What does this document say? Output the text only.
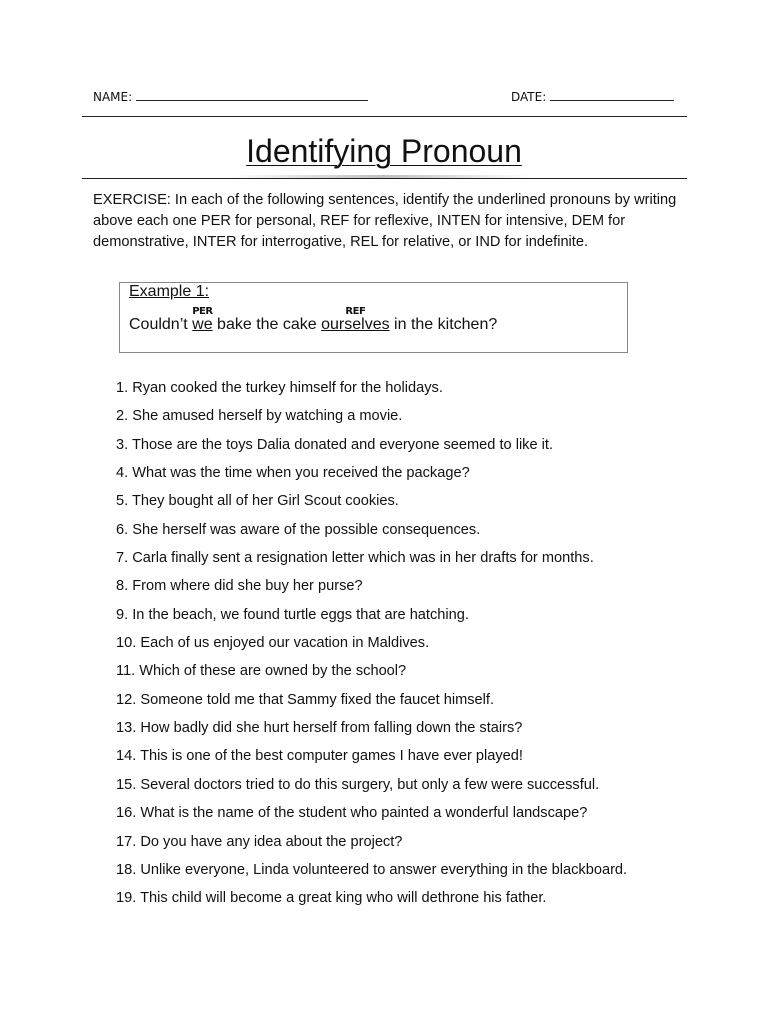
NAME:	DATE:
Identifying Pronoun
EXERCISE: In each of the following sentences, identify the underlined pronouns by writing above each one PER for personal, REF for reflexive, INTEN for intensive, DEM for demonstrative, INTER for interrogative, REL for relative, or IND for indefinite.
Example 1:
Couldn’t
PER
we bake the cake
REF
ourselves in the kitchen?
1. Ryan cooked the turkey himself for the holidays.
2. She amused herself by watching a movie.
3. Those are the toys Dalia donated and everyone seemed to like it.
4. What was the time when you received the package?
5. They bought all of her Girl Scout cookies.
6. She herself was aware of the possible consequences.
7. Carla finally sent a resignation letter which was in her drafts for months.
8. From where did she buy her purse?
9. In the beach, we found turtle eggs that are hatching.
10. Each of us enjoyed our vacation in Maldives.
11. Which of these are owned by the school?
12. Someone told me that Sammy fixed the faucet himself.
13. How badly did she hurt herself from falling down the stairs?
14. This is one of the best computer games I have ever played!
15. Several doctors tried to do this surgery, but only a few were successful.
16. What is the name of the student who painted a wonderful landscape?
17. Do you have any idea about the project?
18. Unlike everyone, Linda volunteered to answer everything in the blackboard.
19. This child will become a great king who will dethrone his father.
